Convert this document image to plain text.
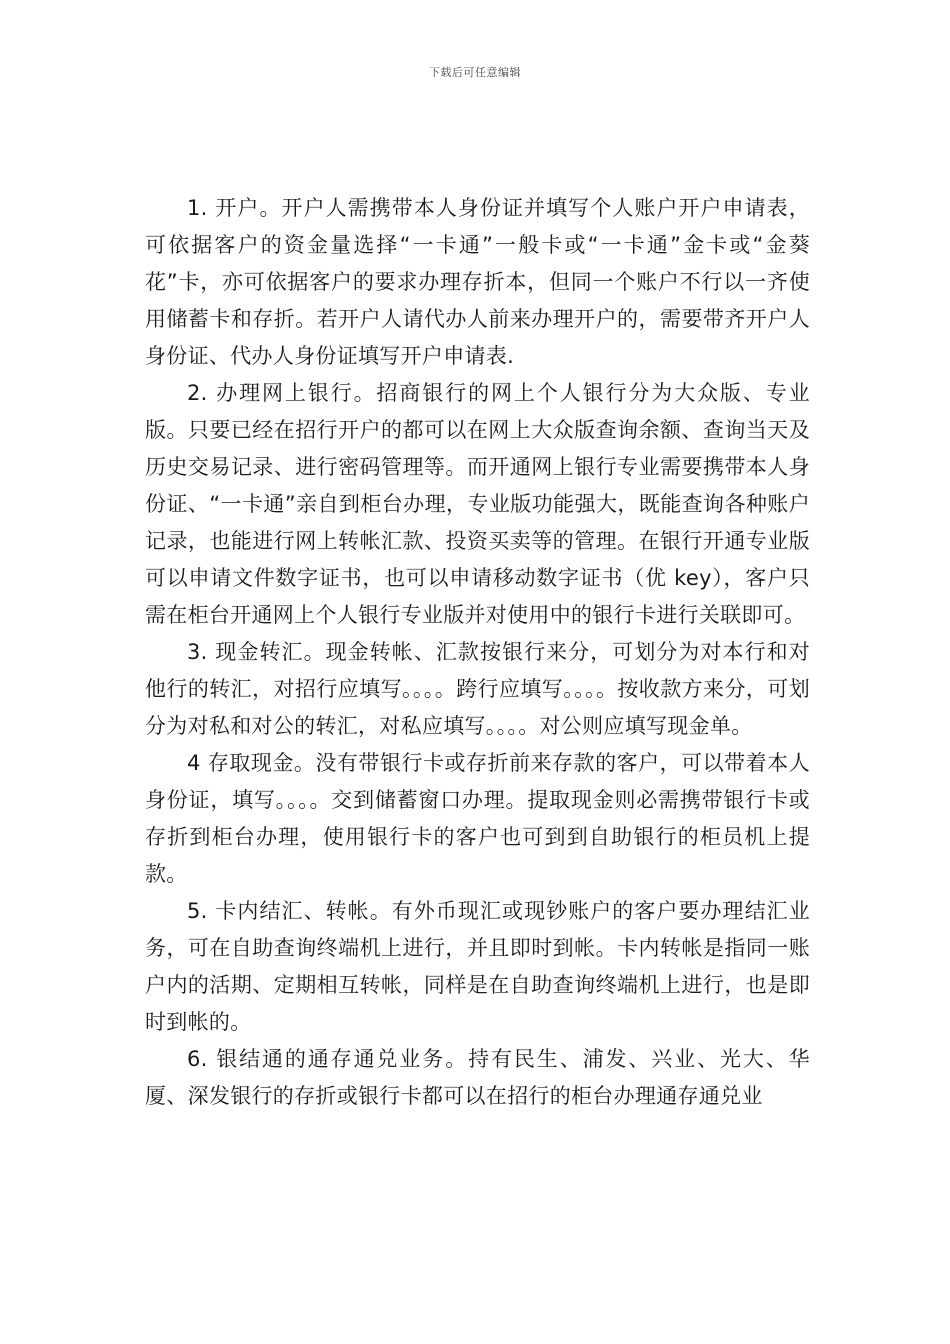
下载后可任意编辑

1. 开户。开户人需携带本人身份证并填写个人账户开户申请表，可依据客户的资金量选择“一卡通”一般卡或“一卡通”金卡或“金葵花”卡，亦可依据客户的要求办理存折本，但同一个账户不行以一齐使用储蓄卡和存折。若开户人请代办人前来办理开户的，需要带齐开户人身份证、代办人身份证填写开户申请表.

2. 办理网上银行。招商银行的网上个人银行分为大众版、专业版。只要已经在招行开户的都可以在网上大众版查询余额、查询当天及历史交易记录、进行密码管理等。而开通网上银行专业需要携带本人身份证、“一卡通”亲自到柜台办理，专业版功能强大，既能查询各种账户记录，也能进行网上转帐汇款、投资买卖等的管理。在银行开通专业版可以申请文件数字证书，也可以申请移动数字证书（优 key），客户只需在柜台开通网上个人银行专业版并对使用中的银行卡进行关联即可。

3. 现金转汇。现金转帐、汇款按银行来分，可划分为对本行和对他行的转汇，对招行应填写。。。。跨行应填写。。。。按收款方来分，可划分为对私和对公的转汇，对私应填写。。。。对公则应填写现金单。

4 存取现金。没有带银行卡或存折前来存款的客户，可以带着本人身份证，填写。。。。交到储蓄窗口办理。提取现金则必需携带银行卡或存折到柜台办理，使用银行卡的客户也可到到自助银行的柜员机上提款。

5. 卡内结汇、转帐。有外币现汇或现钞账户的客户要办理结汇业务，可在自助查询终端机上进行，并且即时到帐。卡内转帐是指同一账户内的活期、定期相互转帐，同样是在自助查询终端机上进行，也是即时到帐的。

6. 银结通的通存通兑业务。持有民生、浦发、兴业、光大、华厦、深发银行的存折或银行卡都可以在招行的柜台办理通存通兑业
